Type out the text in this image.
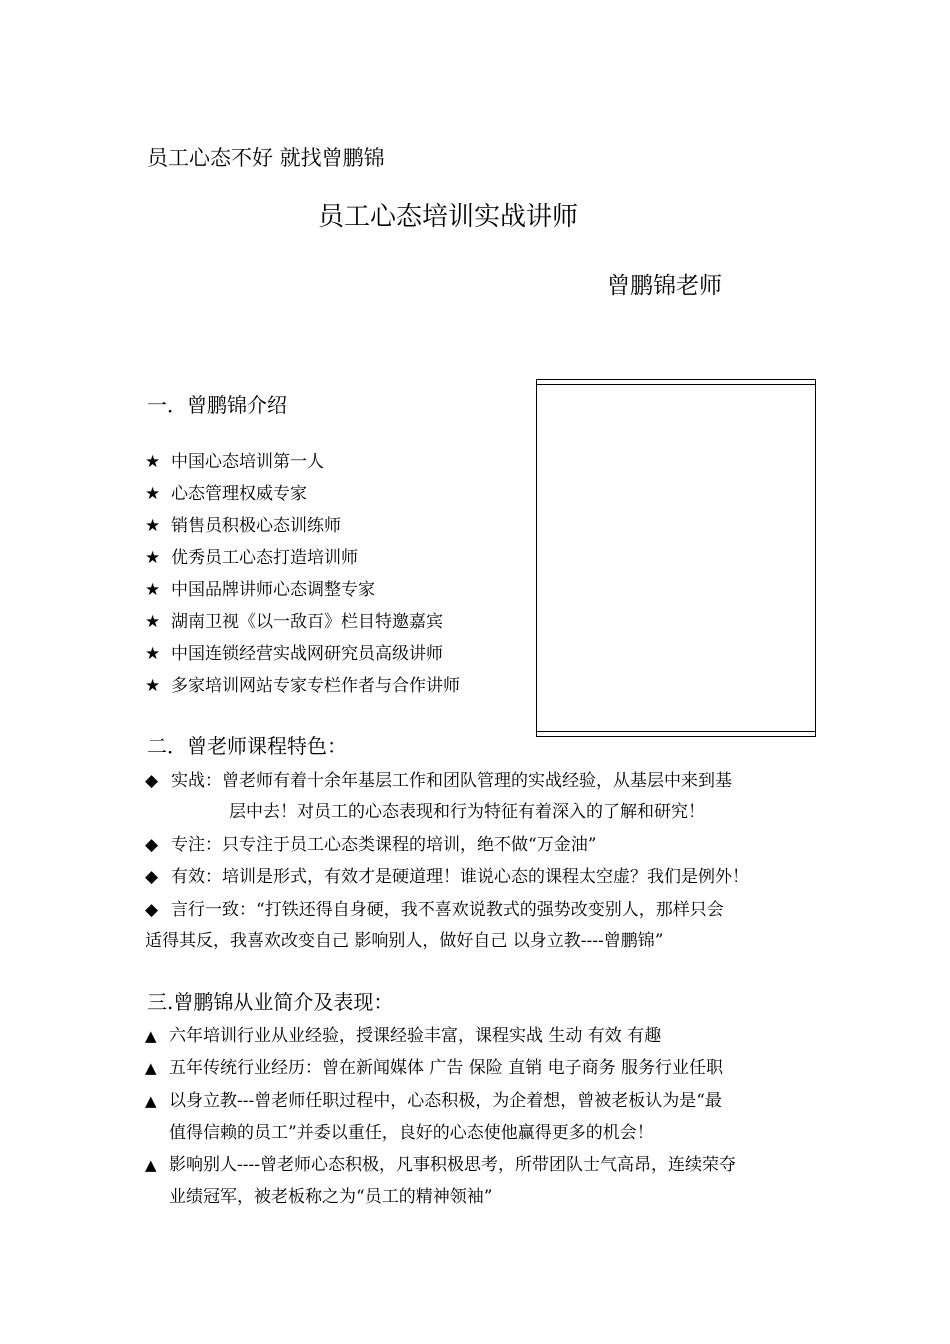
员工心态不好 就找曾鹏锦
员工心态培训实战讲师
曾鹏锦老师
一．曾鹏锦介绍
★ 中国心态培训第一人
★ 心态管理权威专家
★ 销售员积极心态训练师
★ 优秀员工心态打造培训师
★ 中国品牌讲师心态调整专家
★ 湖南卫视《以一敌百》栏目特邀嘉宾
★ 中国连锁经营实战网研究员高级讲师
★ 多家培训网站专家专栏作者与合作讲师
二．曾老师课程特色：
◆ 实战：曾老师有着十余年基层工作和团队管理的实战经验，从基层中来到基
层中去！对员工的心态表现和行为特征有着深入的了解和研究！
◆ 专注：只专注于员工心态类课程的培训，绝不做“万金油”
◆ 有效：培训是形式，有效才是硬道理！谁说心态的课程太空虚？我们是例外！
◆ 言行一致：“打铁还得自身硬，我不喜欢说教式的强势改变别人，那样只会
适得其反，我喜欢改变自己 影响别人，做好自己 以身立教----曾鹏锦”
三.曾鹏锦从业简介及表现：
▲ 六年培训行业从业经验，授课经验丰富，课程实战 生动 有效 有趣
▲ 五年传统行业经历：曾在新闻媒体 广告 保险 直销 电子商务 服务行业任职
▲ 以身立教---曾老师任职过程中，心态积极，为企着想，曾被老板认为是“最
值得信赖的员工”并委以重任，良好的心态使他赢得更多的机会！
▲ 影响别人----曾老师心态积极，凡事积极思考，所带团队士气高昂，连续荣夺
业绩冠军，被老板称之为“员工的精神领袖”
